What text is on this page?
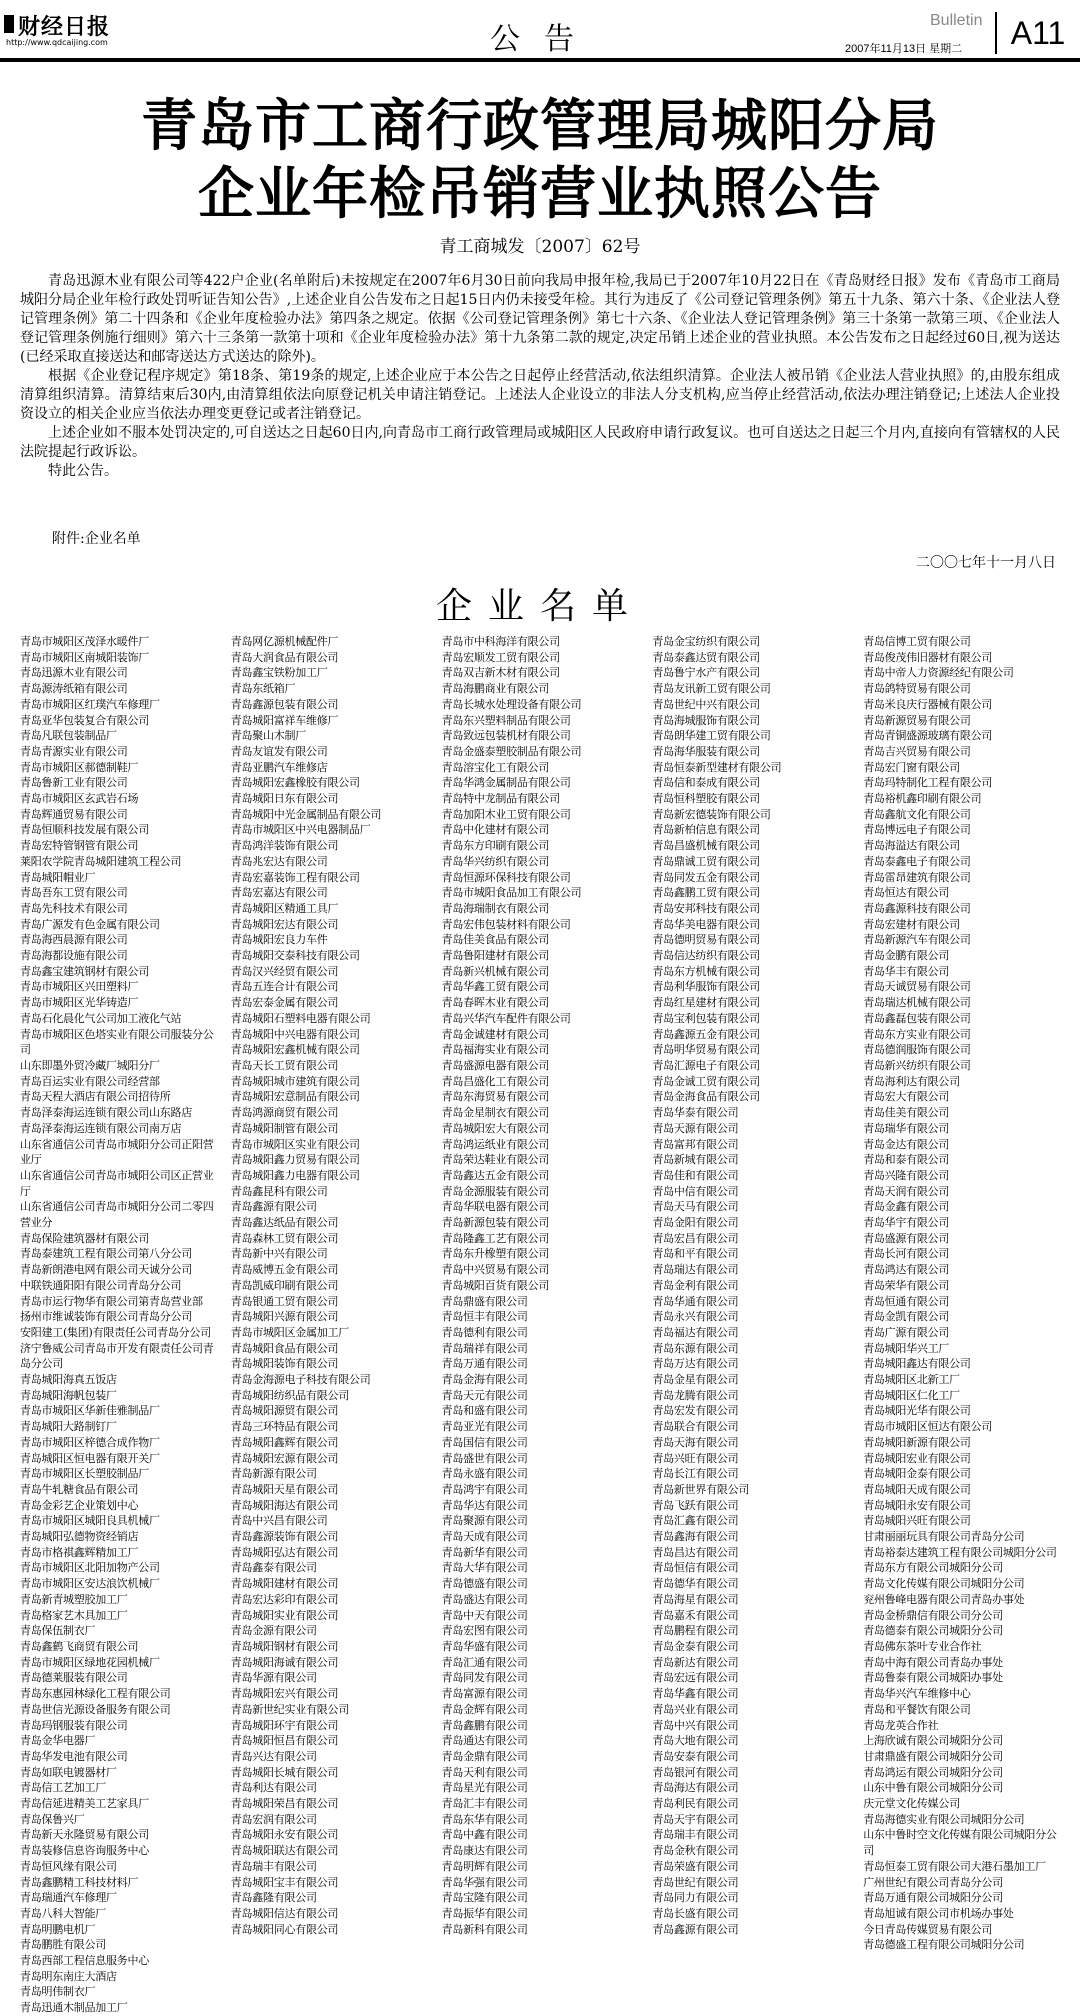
财经日报
http://www.qdcaijing.com	公告
Bulletin
2007年11月13日 星期二	A11
青岛市工商行政管理局城阳分局
企业年检吊销营业执照公告
青工商城发〔2007〕62号

青岛迅源木业有限公司等422户企业(名单附后)未按规定在2007年6月30日前向我局申报年检,我局已于2007年10月22日在《青岛财经日报》发布《青岛市工商局城阳分局企业年检行政处罚听证告知公告》,上述企业自公告发布之日起15日内仍未接受年检。其行为违反了《公司登记管理条例》第五十九条、第六十条、《企业法人登记管理条例》第二十四条和《企业年度检验办法》第四条之规定。依据《公司登记管理条例》第七十六条、《企业法人登记管理条例》第三十条第一款第三项、《企业法人登记管理条例施行细则》第六十三条第一款第十项和《企业年度检验办法》第十九条第二款的规定,决定吊销上述企业的营业执照。本公告发布之日起经过60日,视为送达(已经采取直接送达和邮寄送达方式送达的除外)。

根据《企业登记程序规定》第18条、第19条的规定,上述企业应于本公告之日起停止经营活动,依法组织清算。企业法人被吊销《企业法人营业执照》的,由股东组成清算组织清算。清算结束后30内,由清算组依法向原登记机关申请注销登记。上述法人企业设立的非法人分支机构,应当停止经营活动,依法办理注销登记;上述法人企业投资设立的相关企业应当依法办理变更登记或者注销登记。

上述企业如不服本处罚决定的,可自送达之日起60日内,向青岛市工商行政管理局或城阳区人民政府申请行政复议。也可自送达之日起三个月内,直接向有管辖权的人民法院提起行政诉讼。

特此公告。

附件:企业名单
二〇〇七年十一月八日
企业名单
青岛市城阳区茂泽水暖件厂
青岛市城阳区南城阳装饰厂
青岛迅源木业有限公司
青岛源涛纸箱有限公司
青岛市城阳区红璞汽车修理厂
青岛亚华包装复合有限公司
青岛凡联包装制品厂
青岛青源实业有限公司
青岛市城阳区郝德制鞋厂
青岛鲁新工业有限公司
青岛市城阳区玄武岩石场
青岛辉通贸易有限公司
青岛恒顺科技发展有限公司
青岛宏特管钢管有限公司
莱阳农学院青岛城阳建筑工程公司
青岛城阳帽业厂
青岛吾东工贸有限公司
青岛先科技术有限公司
青岛广源发有色金属有限公司
青岛海西晨源有限公司
青岛海都设施有限公司
青岛鑫宝建筑钢材有限公司
青岛市城阳区兴田塑料厂
青岛市城阳区光华铸造厂
青岛石化晨化气公司加工液化气站
青岛市城阳区色塔实业有限公司服装分公司
山东即墨外贸冷藏厂城阳分厂
青岛百运实业有限公司经营部
青岛天程大酒店有限公司招待所
青岛泽泰海运连锁有限公司山东路店
青岛泽泰海运连锁有限公司南万店
山东省通信公司青岛市城阳分公司正阳营业厅
山东省通信公司青岛市城阳公司区正营业厅
山东省通信公司青岛市城阳分公司二零四营业分
青岛保险建筑器材有限公司
青岛泰建筑工程有限公司第八分公司
青岛新朗港电网有限公司天诚分公司
中联铁通阳阳有限公司青岛分公司
青岛市运行物华有限公司第青岛营业部
扬州市维诚装饰有限公司青岛分公司
安阳建工(集团)有限责任公司青岛分公司
济宁鲁威公司青岛市开发有限责任公司青岛分公司
青岛城阳海真五饭店
青岛城阳海帆包装厂
青岛市城阳区华新佳雅制品厂
青岛城阳大路制钉厂
青岛市城阳区梓德合成作物厂
青岛城阳区恒电器有限开关厂
青岛市城阳区长塑胶制品厂
青岛牛轧糖食品有限公司
青岛金彩艺企业策划中心
青岛市城阳区城阳良具机械厂
青岛城阳弘德物资经销店
青岛市格祺鑫辉精加工厂
青岛市城阳区北阳加物产公司
青岛市城阳区安达浪饮机械厂
青岛新青城塑胶加工厂
青岛格家艺木具加工厂
青岛保伍制衣厂
青岛鑫鹤飞商贸有限公司
青岛市城阳区绿地花园机械厂
青岛德莱服装有限公司
青岛东惠园林绿化工程有限公司
青岛世信光源设备服务有限公司
青岛玛钢服装有限公司
青岛金华电器厂
青岛华发电池有限公司
青岛如联电镀器材厂
青岛信工艺加工厂
青岛信延进精美工艺家具厂
青岛保鲁兴厂
青岛新天永隆贸易有限公司
青岛装修信息咨询服务中心
青岛恒风缘有限公司
青岛鑫鹏精工科技材料厂
青岛瑞通汽车修理厂
青岛八科大智能厂
青岛明鹏电机厂
青岛鹏胜有限公司
青岛西部工程信息服务中心
青岛明东南庄大酒店
青岛明伟制衣厂
青岛迅通木制品加工厂
青岛网亿源机械配件厂
青岛大润食品有限公司
青岛鑫宝铁粉加工厂
青岛东纸箱厂
青岛鑫源包装有限公司
青岛城阳富祥车维修厂
青岛聚山木制厂
青岛友谊发有限公司
青岛亚鹏汽车维修店
青岛城阳宏鑫橡胶有限公司
青岛城阳日东有限公司
青岛城阳中光金属制品有限公司
青岛市城阳区中兴电器制品厂
青岛鸿洋装饰有限公司
青岛兆宏达有限公司
青岛宏嘉装饰工程有限公司
青岛宏嘉达有限公司
青岛城阳区精通工具厂
青岛城阳宏达有限公司
青岛城阳宏良力车件
青岛城阳交泰科技有限公司
青岛汉兴经贸有限公司
青岛五连合计有限公司
青岛宏泰金属有限公司
青岛城阳石塑料电器有限公司
青岛城阳中兴电器有限公司
青岛城阳宏鑫机械有限公司
青岛天长工贸有限公司
青岛城阳城市建筑有限公司
青岛城阳宏意制品有限公司
青岛鸿源商贸有限公司
青岛城阳制管有限公司
青岛市城阳区实业有限公司
青岛城阳鑫力贸易有限公司
青岛城阳鑫力电器有限公司
青岛鑫昆科有限公司
青岛鑫源有限公司
青岛鑫达纸品有限公司
青岛森林工贸有限公司
青岛新中兴有限公司
青岛威博五金有限公司
青岛凯威印刷有限公司
青岛银通工贸有限公司
青岛城阳兴源有限公司
青岛市城阳区金属加工厂
青岛城阳食品有限公司
青岛城阳装饰有限公司
青岛金海源电子科技有限公司
青岛城阳纺织品有限公司
青岛城阳源贸有限公司
青岛三环特品有限公司
青岛城阳鑫辉有限公司
青岛城阳宏源有限公司
青岛新源有限公司
青岛城阳天星有限公司
青岛城阳海达有限公司
青岛中兴昌有限公司
青岛鑫源装饰有限公司
青岛城阳弘达有限公司
青岛鑫泰有限公司
青岛城阳建材有限公司
青岛宏达彩印有限公司
青岛城阳实业有限公司
青岛金源有限公司
青岛城阳钢材有限公司
青岛城阳海诚有限公司
青岛华源有限公司
青岛城阳宏兴有限公司
青岛新世纪实业有限公司
青岛城阳环宇有限公司
青岛城阳恒昌有限公司
青岛兴达有限公司
青岛城阳长城有限公司
青岛利达有限公司
青岛城阳荣昌有限公司
青岛宏润有限公司
青岛城阳永安有限公司
青岛城阳联达有限公司
青岛瑞丰有限公司
青岛城阳宝丰有限公司
青岛鑫隆有限公司
青岛城阳信达有限公司
青岛城阳同心有限公司
青岛市中科海洋有限公司
青岛宏顺发工贸有限公司
青岛双吉新木材有限公司
青岛海鹏商业有限公司
青岛长城水处理设备有限公司
青岛东兴塑料制品有限公司
青岛致远包装机材有限公司
青岛金盛泰塑胶制品有限公司
青岛溶宝化工有限公司
青岛华鸿金属制品有限公司
青岛特中龙制品有限公司
青岛加阳木业工贸有限公司
青岛中化建材有限公司
青岛东方印刷有限公司
青岛华兴纺织有限公司
青岛恒源环保科技有限公司
青岛市城阳食品加工有限公司
青岛海瑞制衣有限公司
青岛宏伟包装材料有限公司
青岛佳美食品有限公司
青岛鲁阳建材有限公司
青岛新兴机械有限公司
青岛华鑫工贸有限公司
青岛春晖木业有限公司
青岛兴华汽车配件有限公司
青岛金诚建材有限公司
青岛福海实业有限公司
青岛盛源电器有限公司
青岛昌盛化工有限公司
青岛东海贸易有限公司
青岛金星制衣有限公司
青岛城阳宏大有限公司
青岛鸿运纸业有限公司
青岛荣达鞋业有限公司
青岛鑫达五金有限公司
青岛金源服装有限公司
青岛华联电器有限公司
青岛新源包装有限公司
青岛隆鑫工艺有限公司
青岛东升橡塑有限公司
青岛中兴贸易有限公司
青岛城阳百货有限公司
青岛鼎盛有限公司
青岛恒丰有限公司
青岛德利有限公司
青岛瑞祥有限公司
青岛万通有限公司
青岛金海有限公司
青岛天元有限公司
青岛和盛有限公司
青岛亚光有限公司
青岛国信有限公司
青岛盛世有限公司
青岛永盛有限公司
青岛鸿宇有限公司
青岛华达有限公司
青岛聚源有限公司
青岛天成有限公司
青岛新华有限公司
青岛大华有限公司
青岛德盛有限公司
青岛盛达有限公司
青岛中天有限公司
青岛宏图有限公司
青岛华盛有限公司
青岛汇通有限公司
青岛同发有限公司
青岛富源有限公司
青岛金辉有限公司
青岛鑫鹏有限公司
青岛通达有限公司
青岛金鼎有限公司
青岛天利有限公司
青岛星光有限公司
青岛汇丰有限公司
青岛东华有限公司
青岛中鑫有限公司
青岛康达有限公司
青岛明辉有限公司
青岛华强有限公司
青岛宝隆有限公司
青岛振华有限公司
青岛新科有限公司
青岛金宝纺织有限公司
青岛泰鑫达贸有限公司
青岛鲁宁水产有限公司
青岛友讯新工贸有限公司
青岛世纪中兴有限公司
青岛海城服饰有限公司
青岛朗华建工贸有限公司
青岛海华服装有限公司
青岛恒泰新型建材有限公司
青岛信和泰成有限公司
青岛恒科塑胶有限公司
青岛新宏德装饰有限公司
青岛新柏信息有限公司
青岛昌盛机械有限公司
青岛鼎诚工贸有限公司
青岛同发五金有限公司
青岛鑫鹏工贸有限公司
青岛安邦科技有限公司
青岛华美电器有限公司
青岛德明贸易有限公司
青岛信达纺织有限公司
青岛东方机械有限公司
青岛利华服饰有限公司
青岛红星建材有限公司
青岛宝利包装有限公司
青岛鑫源五金有限公司
青岛明华贸易有限公司
青岛汇源电子有限公司
青岛金诚工贸有限公司
青岛金海食品有限公司
青岛华泰有限公司
青岛天源有限公司
青岛富邦有限公司
青岛新城有限公司
青岛佳和有限公司
青岛中信有限公司
青岛天马有限公司
青岛金阳有限公司
青岛宏昌有限公司
青岛和平有限公司
青岛瑞达有限公司
青岛金利有限公司
青岛华通有限公司
青岛永兴有限公司
青岛福达有限公司
青岛东源有限公司
青岛万达有限公司
青岛金星有限公司
青岛龙腾有限公司
青岛宏发有限公司
青岛联合有限公司
青岛天海有限公司
青岛兴旺有限公司
青岛长江有限公司
青岛新世界有限公司
青岛飞跃有限公司
青岛汇鑫有限公司
青岛鑫海有限公司
青岛昌达有限公司
青岛恒信有限公司
青岛德华有限公司
青岛海星有限公司
青岛嘉禾有限公司
青岛鹏程有限公司
青岛金泰有限公司
青岛新达有限公司
青岛宏远有限公司
青岛华鑫有限公司
青岛兴业有限公司
青岛中兴有限公司
青岛大地有限公司
青岛安泰有限公司
青岛银河有限公司
青岛海达有限公司
青岛利民有限公司
青岛天宇有限公司
青岛瑞丰有限公司
青岛金秋有限公司
青岛荣盛有限公司
青岛世纪有限公司
青岛同力有限公司
青岛长盛有限公司
青岛鑫源有限公司
青岛信博工贸有限公司
青岛俊茂伟旧器材有限公司
青岛中帝人力资源经纪有限公司
青岛鸽特贸易有限公司
青岛米良庆行器械有限公司
青岛新源贸易有限公司
青岛青铜盛源玻璃有限公司
青岛吉兴贸易有限公司
青岛宏门窗有限公司
青岛玛特制化工程有限公司
青岛裕机鑫印刷有限公司
青岛鑫航文化有限公司
青岛博远电子有限公司
青岛海溢达有限公司
青岛泰鑫电子有限公司
青岛雷昂建筑有限公司
青岛恒达有限公司
青岛鑫源科技有限公司
青岛宏建材有限公司
青岛新源汽车有限公司
青岛金鹏有限公司
青岛华丰有限公司
青岛天诚贸易有限公司
青岛瑞达机械有限公司
青岛鑫磊包装有限公司
青岛东方实业有限公司
青岛德润服饰有限公司
青岛新兴纺织有限公司
青岛海利达有限公司
青岛宏大有限公司
青岛佳美有限公司
青岛瑞华有限公司
青岛金达有限公司
青岛和泰有限公司
青岛兴隆有限公司
青岛天润有限公司
青岛金鑫有限公司
青岛华宇有限公司
青岛盛源有限公司
青岛长河有限公司
青岛鸿达有限公司
青岛荣华有限公司
青岛恒通有限公司
青岛金凯有限公司
青岛广源有限公司
青岛城阳华兴工厂
青岛城阳鑫达有限公司
青岛城阳区北新工厂
青岛城阳区仁化工厂
青岛城阳光华有限公司
青岛市城阳区恒达有限公司
青岛城阳新源有限公司
青岛城阳宏业有限公司
青岛城阳金泰有限公司
青岛城阳天成有限公司
青岛城阳永安有限公司
青岛城阳兴旺有限公司
甘肃丽丽玩具有限公司青岛分公司
青岛裕泰达建筑工程有限公司城阳分公司
青岛东方有限公司城阳分公司
青岛文化传媒有限公司城阳分公司
兖州鲁峰电器有限公司青岛办事处
青岛金桥鼎信有限公司分公司
青岛德泰有限公司城阳分公司
青岛佛东茶叶专业合作社
青岛中海有限公司青岛办事处
青岛鲁泰有限公司城阳办事处
青岛华兴汽车维修中心
青岛和平餐饮有限公司
青岛龙英合作社
上海欣诚有限公司城阳分公司
甘肃鼎盛有限公司城阳分公司
青岛鸿运有限公司城阳分公司
山东中鲁有限公司城阳分公司
庆元堂文化传媒公司
青岛海德实业有限公司城阳分公司
山东中鲁时空文化传媒有限公司城阳分公司
青岛恒泰工贸有限公司大港石墨加工厂
广州世纪有限公司青岛分公司
青岛万通有限公司城阳分公司
青岛旭诚有限公司市机场办事处
今日青岛传媒贸易有限公司
青岛德盛工程有限公司城阳分公司
